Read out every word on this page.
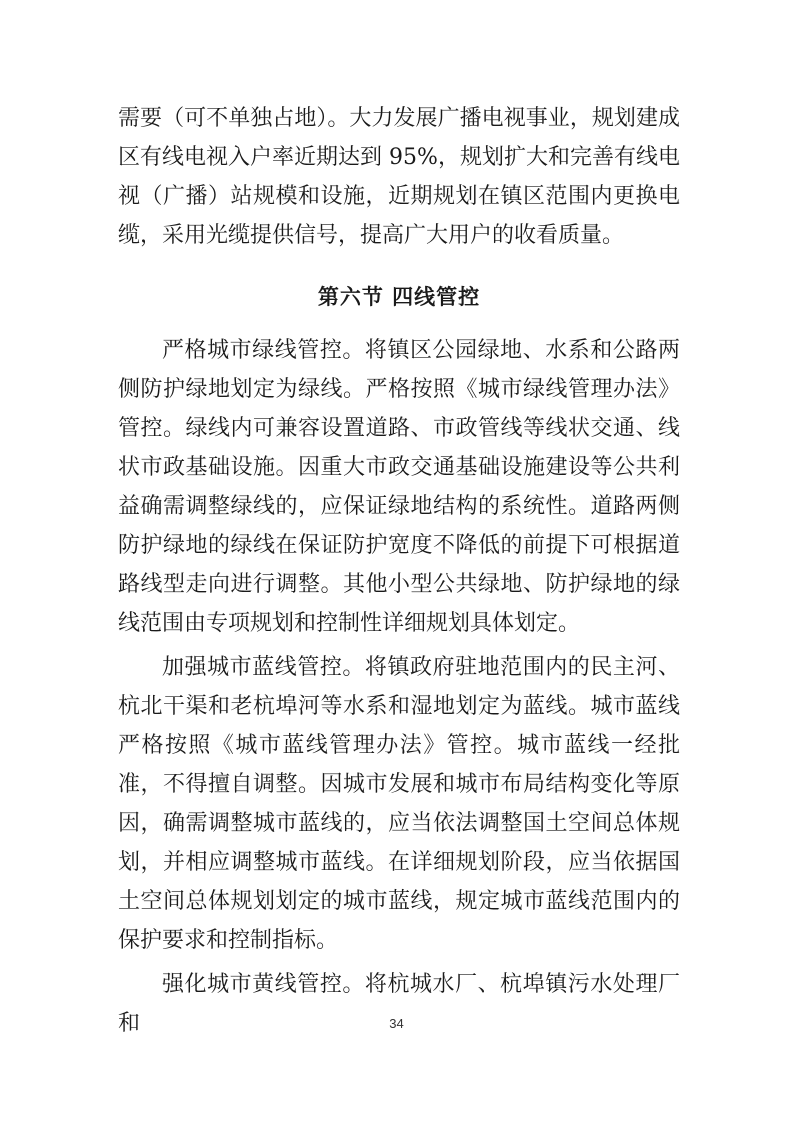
需要（可不单独占地）。大力发展广播电视事业，规划建成区有线电视入户率近期达到 95%，规划扩大和完善有线电视（广播）站规模和设施，近期规划在镇区范围内更换电缆，采用光缆提供信号，提高广大用户的收看质量。

第六节 四线管控

严格城市绿线管控。将镇区公园绿地、水系和公路两侧防护绿地划定为绿线。严格按照《城市绿线管理办法》管控。绿线内可兼容设置道路、市政管线等线状交通、线状市政基础设施。因重大市政交通基础设施建设等公共利益确需调整绿线的，应保证绿地结构的系统性。道路两侧防护绿地的绿线在保证防护宽度不降低的前提下可根据道路线型走向进行调整。其他小型公共绿地、防护绿地的绿线范围由专项规划和控制性详细规划具体划定。

加强城市蓝线管控。将镇政府驻地范围内的民主河、杭北干渠和老杭埠河等水系和湿地划定为蓝线。城市蓝线严格按照《城市蓝线管理办法》管控。城市蓝线一经批准，不得擅自调整。因城市发展和城市布局结构变化等原因，确需调整城市蓝线的，应当依法调整国土空间总体规划，并相应调整城市蓝线。在详细规划阶段，应当依据国土空间总体规划划定的城市蓝线，规定城市蓝线范围内的保护要求和控制指标。

强化城市黄线管控。将杭城水厂、杭埠镇污水处理厂和	34
